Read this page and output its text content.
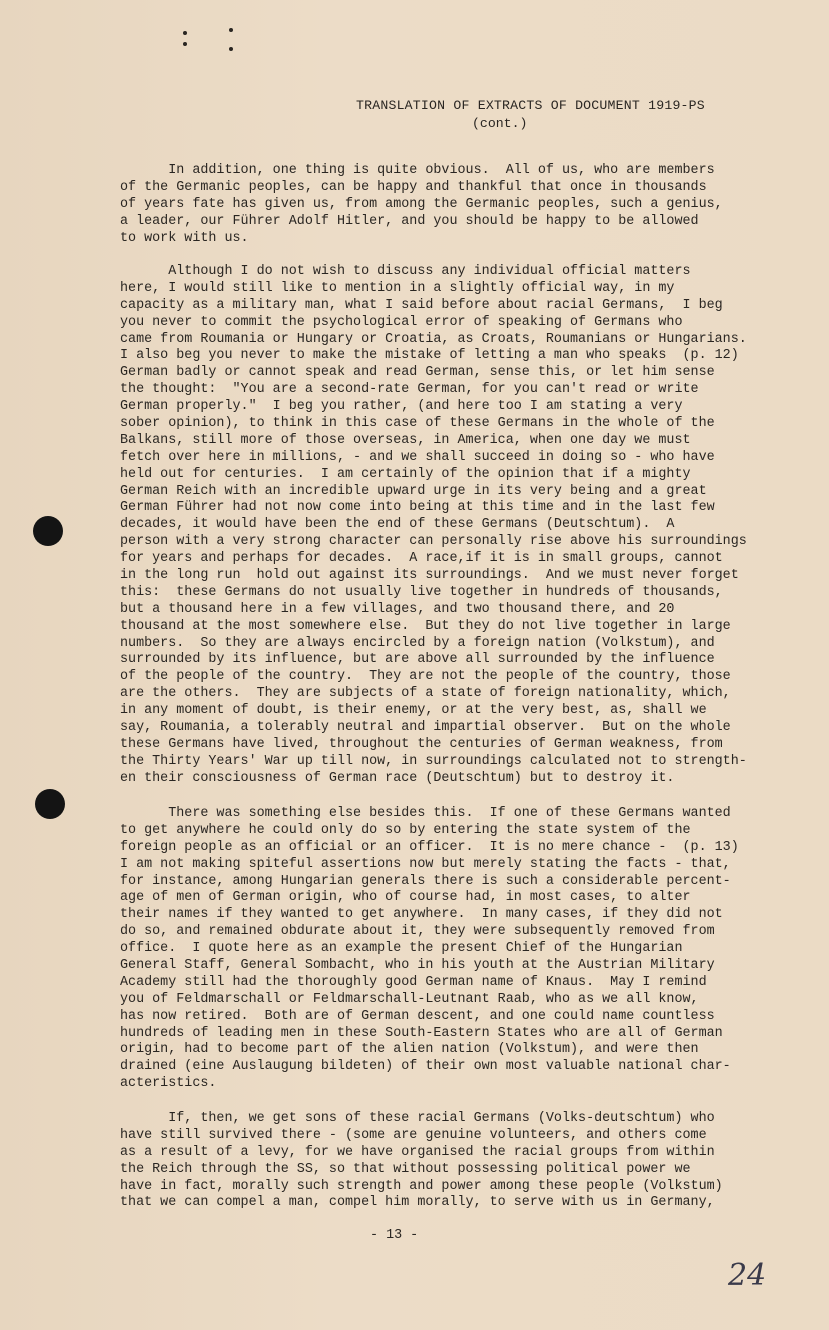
TRANSLATION OF EXTRACTS OF DOCUMENT 1919-PS
(cont.)
In addition, one thing is quite obvious.  All of us, who are members
of the Germanic peoples, can be happy and thankful that once in thousands
of years fate has given us, from among the Germanic peoples, such a genius,
a leader, our Führer Adolf Hitler, and you should be happy to be allowed
to work with us.
Although I do not wish to discuss any individual official matters
here, I would still like to mention in a slightly official way, in my
capacity as a military man, what I said before about racial Germans,  I beg
you never to commit the psychological error of speaking of Germans who
came from Roumania or Hungary or Croatia, as Croats, Roumanians or Hungarians.
I also beg you never to make the mistake of letting a man who speaks  (p. 12)
German badly or cannot speak and read German, sense this, or let him sense
the thought:  "You are a second-rate German, for you can't read or write
German properly."  I beg you rather, (and here too I am stating a very
sober opinion), to think in this case of these Germans in the whole of the
Balkans, still more of those overseas, in America, when one day we must
fetch over here in millions, - and we shall succeed in doing so - who have
held out for centuries.  I am certainly of the opinion that if a mighty
German Reich with an incredible upward urge in its very being and a great
German Führer had not now come into being at this time and in the last few
decades, it would have been the end of these Germans (Deutschtum).  A
person with a very strong character can personally rise above his surroundings
for years and perhaps for decades.  A race,if it is in small groups, cannot
in the long run  hold out against its surroundings.  And we must never forget
this:  these Germans do not usually live together in hundreds of thousands,
but a thousand here in a few villages, and two thousand there, and 20
thousand at the most somewhere else.  But they do not live together in large
numbers.  So they are always encircled by a foreign nation (Volkstum), and
surrounded by its influence, but are above all surrounded by the influence
of the people of the country.  They are not the people of the country, those
are the others.  They are subjects of a state of foreign nationality, which,
in any moment of doubt, is their enemy, or at the very best, as, shall we
say, Roumania, a tolerably neutral and impartial observer.  But on the whole
these Germans have lived, throughout the centuries of German weakness, from
the Thirty Years' War up till now, in surroundings calculated not to strength-
en their consciousness of German race (Deutschtum) but to destroy it.
There was something else besides this.  If one of these Germans wanted
to get anywhere he could only do so by entering the state system of the
foreign people as an official or an officer.  It is no mere chance -  (p. 13)
I am not making spiteful assertions now but merely stating the facts - that,
for instance, among Hungarian generals there is such a considerable percent-
age of men of German origin, who of course had, in most cases, to alter
their names if they wanted to get anywhere.  In many cases, if they did not
do so, and remained obdurate about it, they were subsequently removed from
office.  I quote here as an example the present Chief of the Hungarian
General Staff, General Sombacht, who in his youth at the Austrian Military
Academy still had the thoroughly good German name of Knaus.  May I remind
you of Feldmarschall or Feldmarschall-Leutnant Raab, who as we all know,
has now retired.  Both are of German descent, and one could name countless
hundreds of leading men in these South-Eastern States who are all of German
origin, had to become part of the alien nation (Volkstum), and were then
drained (eine Auslaugung bildeten) of their own most valuable national char-
acteristics.
If, then, we get sons of these racial Germans (Volks-deutschtum) who
have still survived there - (some are genuine volunteers, and others come
as a result of a levy, for we have organised the racial groups from within
the Reich through the SS, so that without possessing political power we
have in fact, morally such strength and power among these people (Volkstum)
that we can compel a man, compel him morally, to serve with us in Germany,
- 13 -
24
